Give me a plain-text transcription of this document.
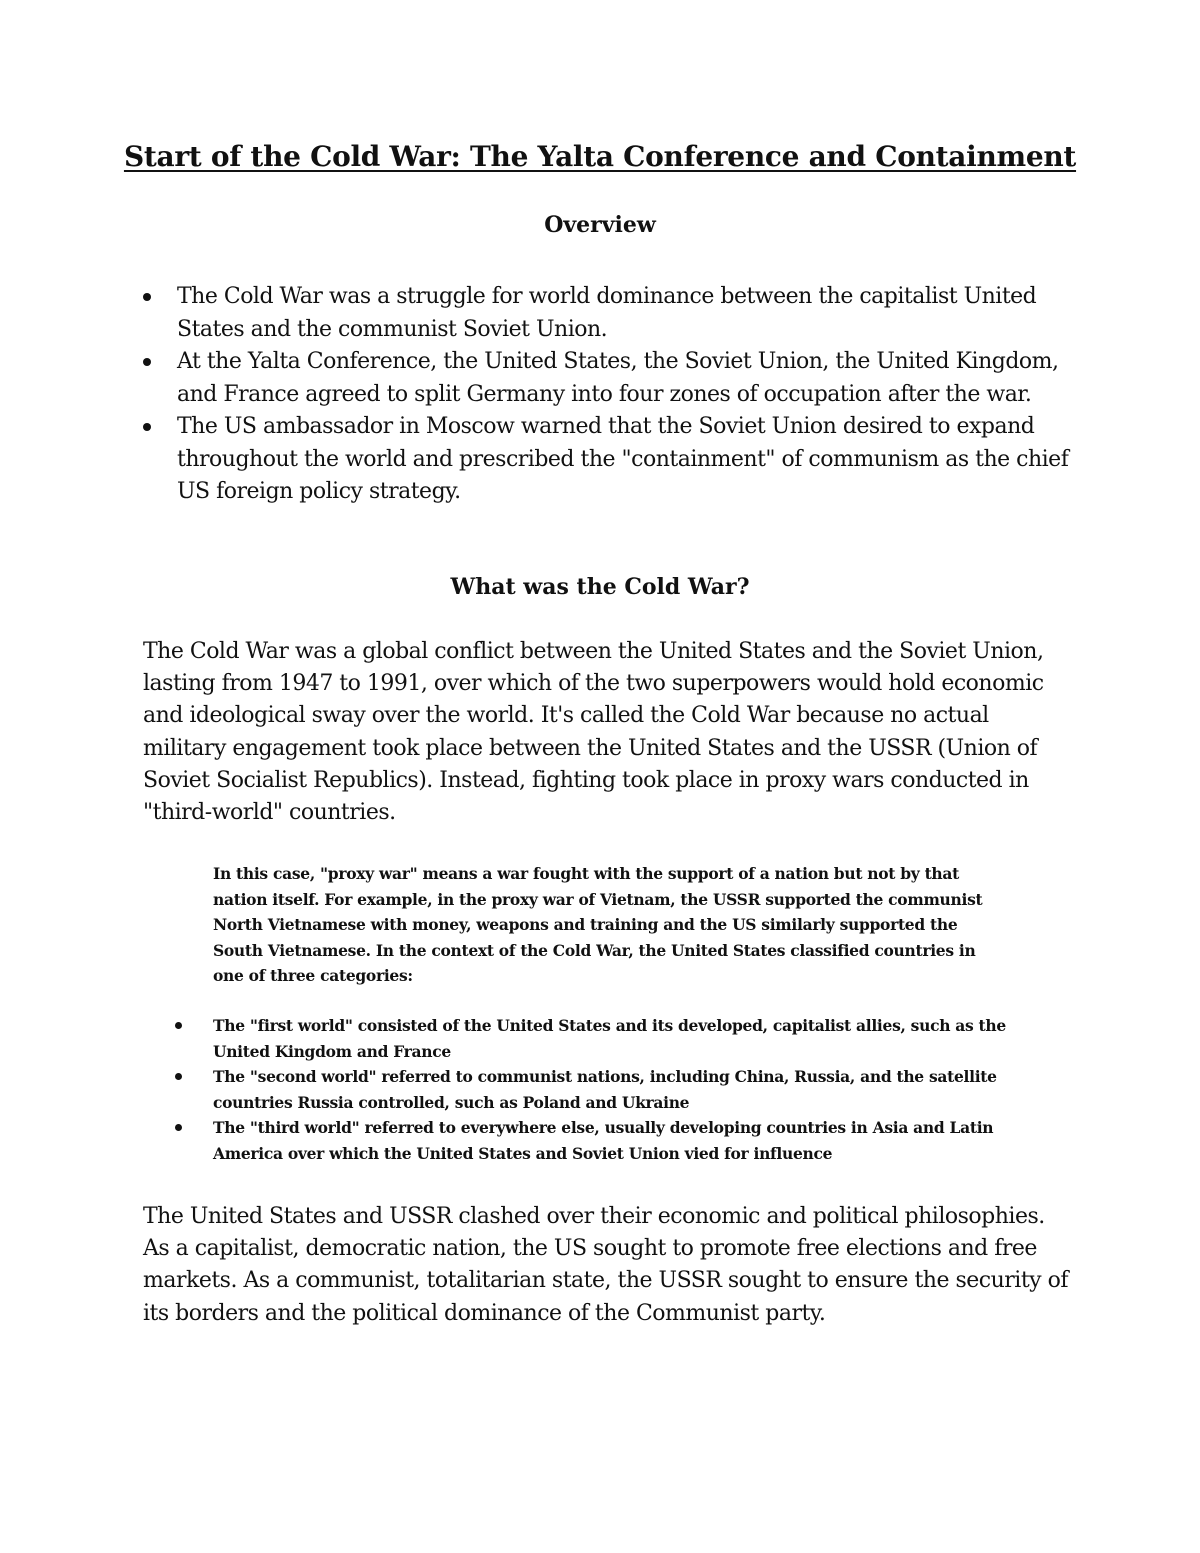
Start of the Cold War: The Yalta Conference and Containment
Overview
The Cold War was a struggle for world dominance between the capitalist United States and the communist Soviet Union.
At the Yalta Conference, the United States, the Soviet Union, the United Kingdom, and France agreed to split Germany into four zones of occupation after the war.
The US ambassador in Moscow warned that the Soviet Union desired to expand throughout the world and prescribed the "containment" of communism as the chief US foreign policy strategy.
What was the Cold War?

The Cold War was a global conflict between the United States and the Soviet Union, lasting from 1947 to 1991, over which of the two superpowers would hold economic and ideological sway over the world. It's called the Cold War because no actual military engagement took place between the United States and the USSR (Union of Soviet Socialist Republics). Instead, fighting took place in proxy wars conducted in "third-world" countries.

In this case, "proxy war" means a war fought with the support of a nation but not by that nation itself. For example, in the proxy war of Vietnam, the USSR supported the communist North Vietnamese with money, weapons and training and the US similarly supported the South Vietnamese. In the context of the Cold War, the United States classified countries in one of three categories:

The "first world" consisted of the United States and its developed, capitalist allies, such as the United Kingdom and France
The "second world" referred to communist nations, including China, Russia, and the satellite countries Russia controlled, such as Poland and Ukraine
The "third world" referred to everywhere else, usually developing countries in Asia and Latin America over which the United States and Soviet Union vied for influence

The United States and USSR clashed over their economic and political philosophies. As a capitalist, democratic nation, the US sought to promote free elections and free markets. As a communist, totalitarian state, the USSR sought to ensure the security of its borders and the political dominance of the Communist party.
